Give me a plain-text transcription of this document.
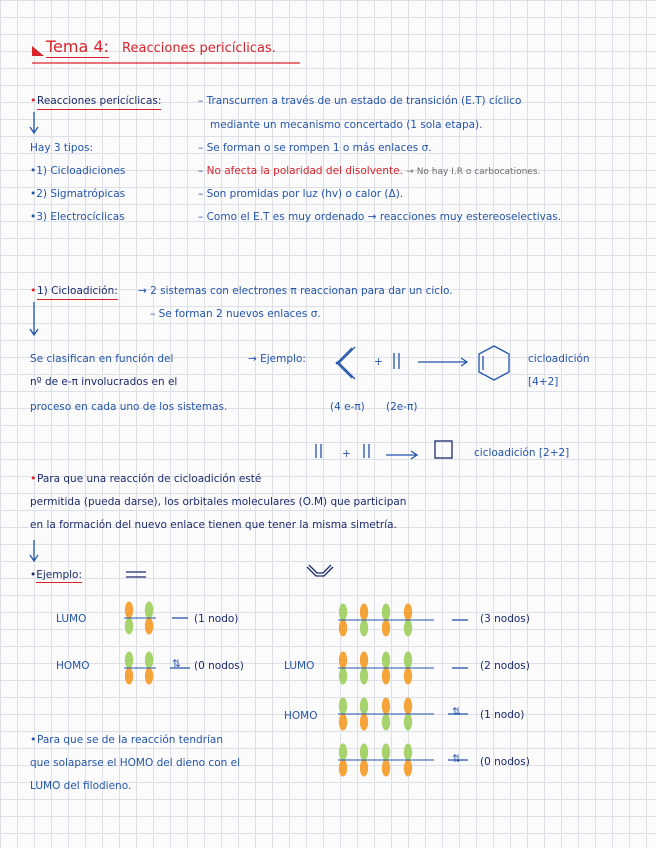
Tema 4: Reacciones pericíclicas.
• Reacciones pericíclicas:	– Transcurren a través de un estado de transición (E.T) cíclico
mediante un mecanismo concertado (1 sola etapa).
– Se forman o se rompen 1 o más enlaces σ.
– No afecta la polaridad del disolvente. → No hay I.R o carbocationes.
– Son promidas por luz (hv) o calor (Δ).
– Como el E.T es muy ordenado → reacciones muy estereoselectivas.
Hay 3 tipos:
•1) Cicloadiciones
•2) Sigmatrópicas
•3) Electrocíclicas
• 1) Cicloadición: → 2 sistemas con electrones π reaccionan para dar un ciclo.
– Se forman 2 nuevos enlaces σ.
Se clasifican en función del
nº de e-π involucrados en el
proceso en cada uno de los sistemas.
→ Ejemplo:	+	cicloadición
[4+2]
(4 e-π) (2e-π)
+	cicloadición [2+2]
• Para que una reacción de cicloadición esté
permitida (pueda darse), los orbitales moleculares (O.M) que participan
en la formación del nuevo enlace tienen que tener la misma simetría.
•Ejemplo:
LUMO	(1 nodo)
HOMO	⇅ (0 nodos)	LUMO
HOMO
(3 nodos)
(2 nodos)
⇅ (1 nodo)
⇅ (0 nodos)
• Para que se de la reacción tendrían
que solaparse el HOMO del dieno con el
LUMO del filodieno.
